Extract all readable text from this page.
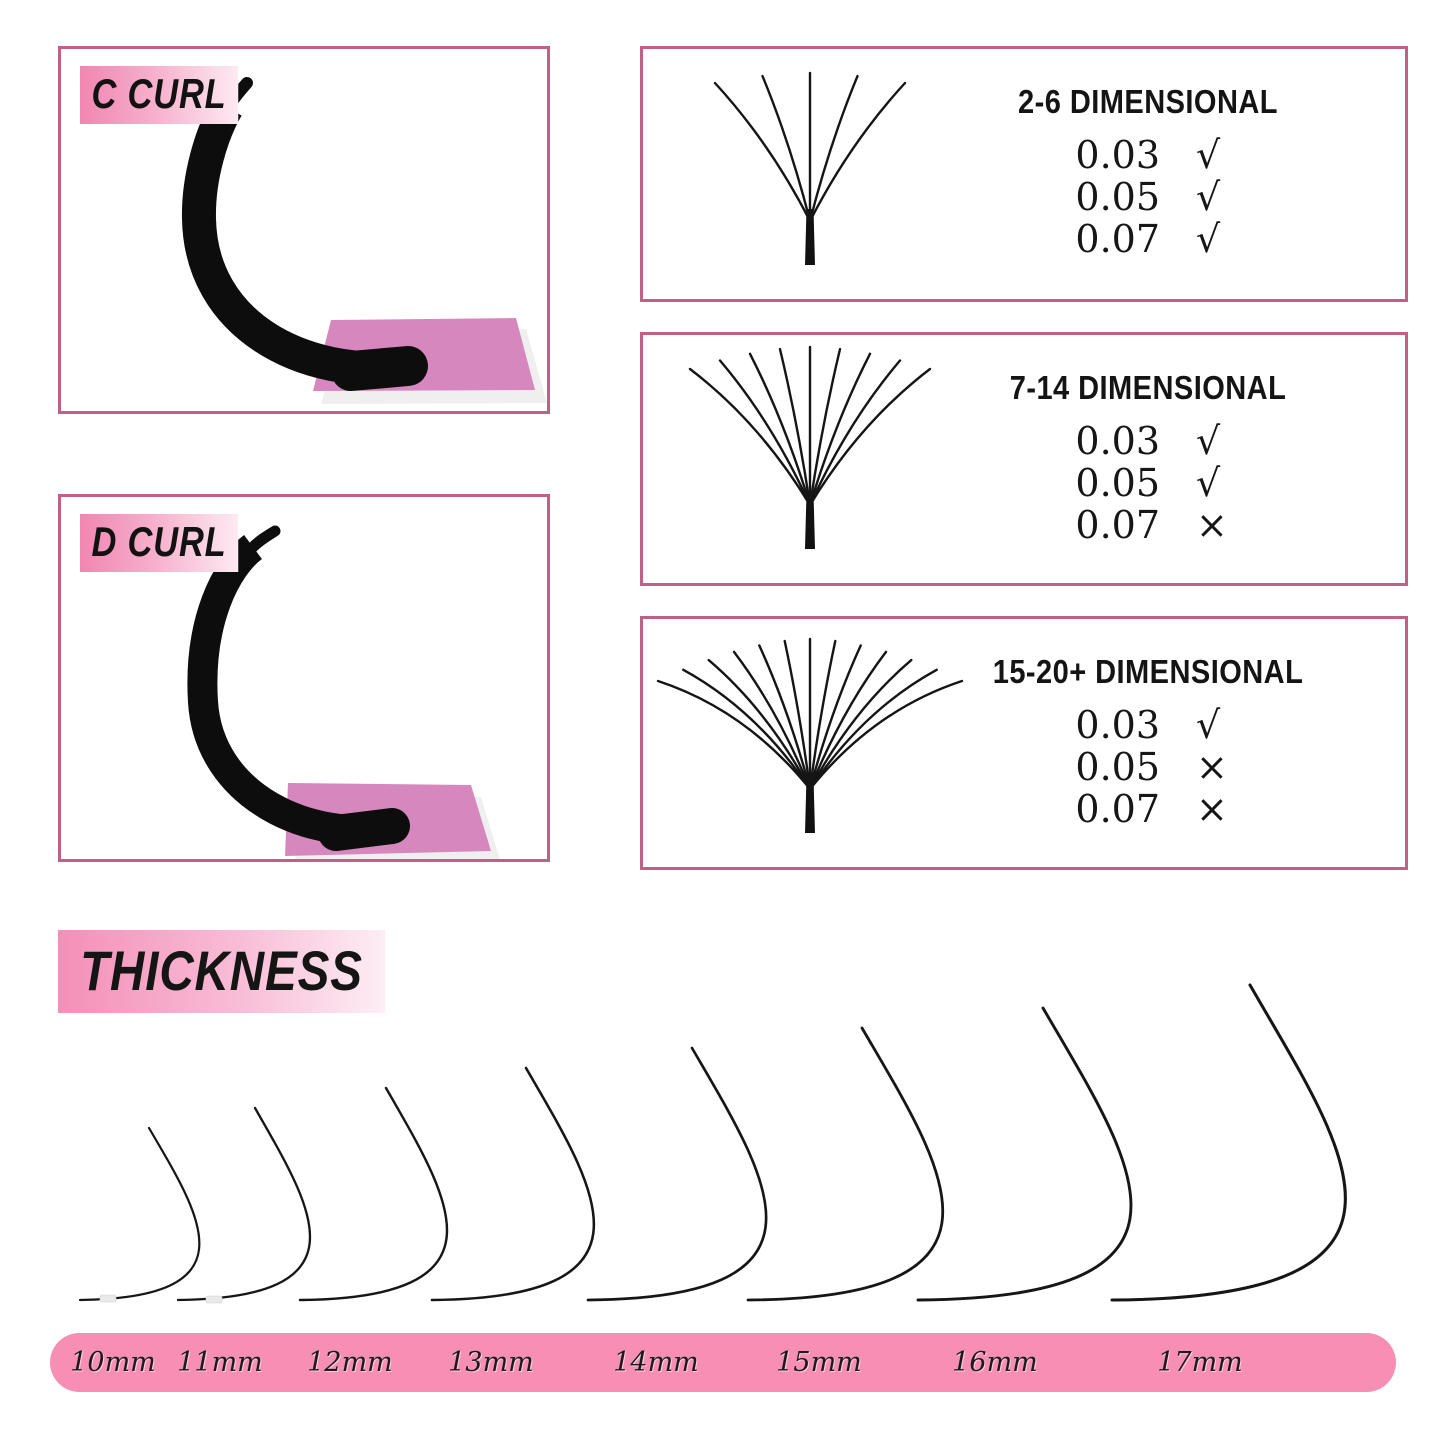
C CURL
D CURL
2-6 DIMENSIONAL
0.03 √
0.05 √
0.07 √
7-14 DIMENSIONAL
0.03 √
0.05 √
0.07 ×
15-20+ DIMENSIONAL
0.03 √
0.05 ×
0.07 ×
THICKNESS
10mm 11mm 12mm 13mm	14mm	15mm	16mm	17mm
